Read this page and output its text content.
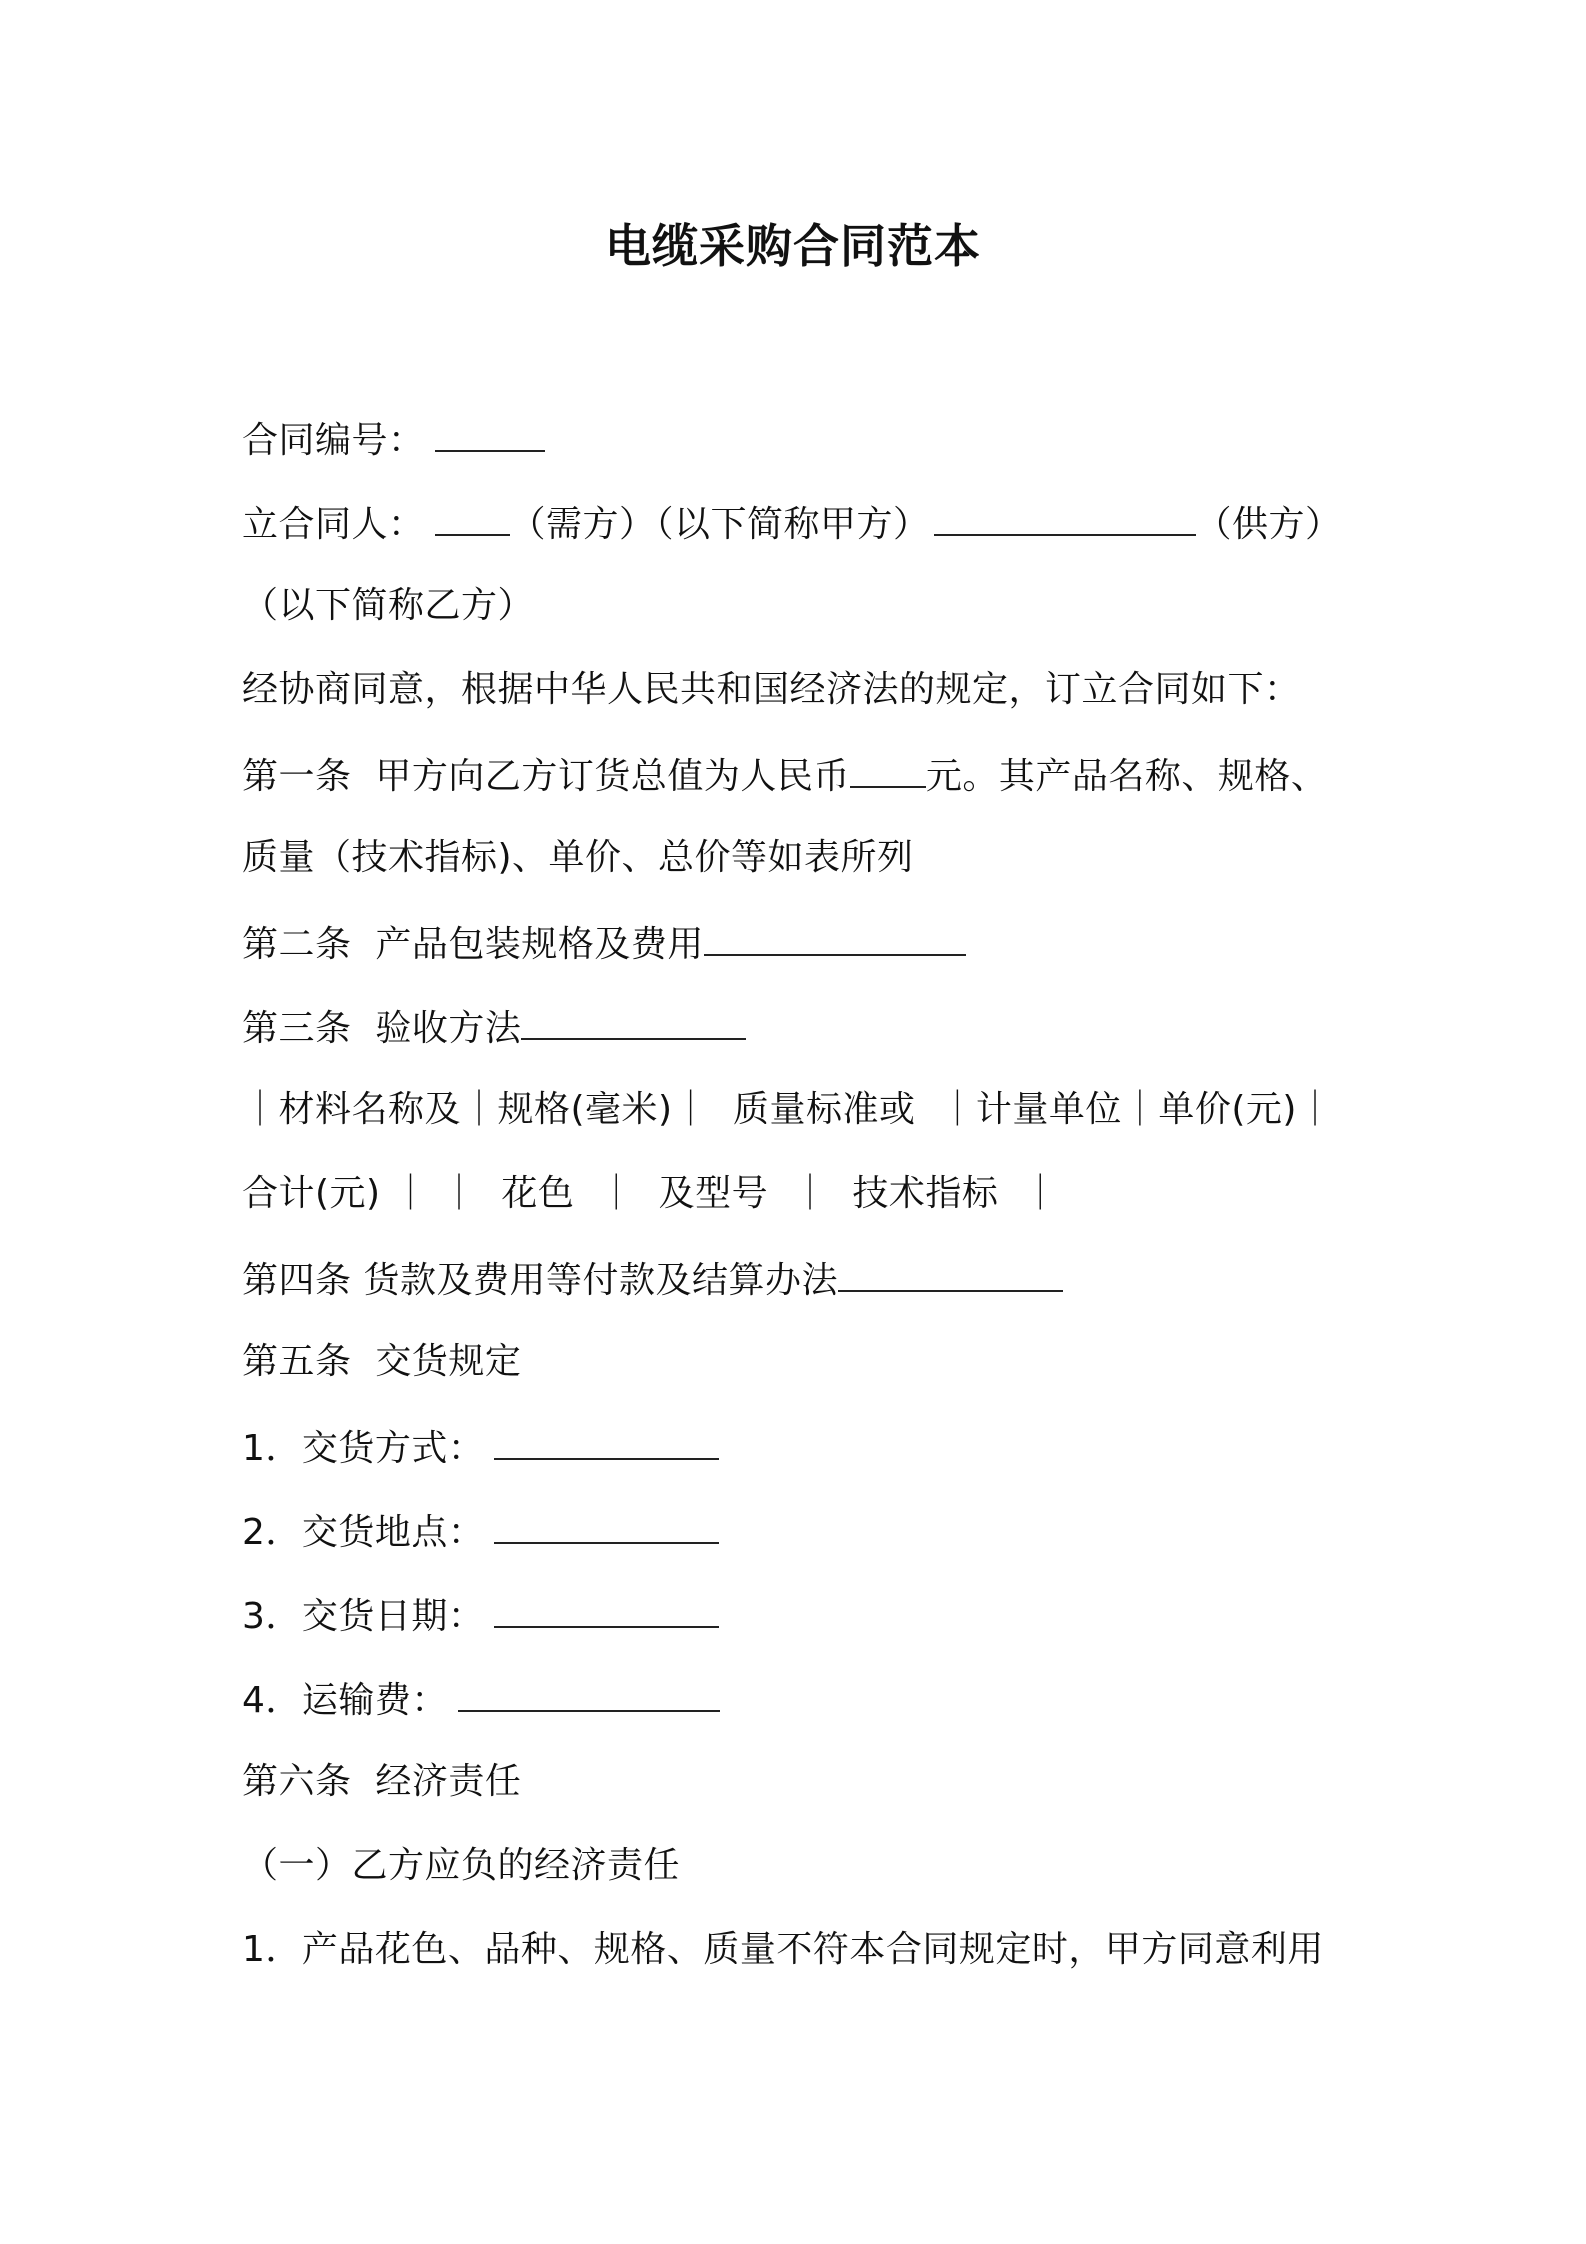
电缆采购合同范本
合同编号：
立合同人： （需方）（以下简称甲方）	（供方）
（以下简称乙方）
经协商同意，根据中华人民共和国经济法的规定，订立合同如下：
第一条  甲方向乙方订货总值为人民币 元。其产品名称、规格、
质量（技术指标)、单价、总价等如表所列
第二条  产品包装规格及费用
第三条  验收方法
｜材料名称及｜规格(毫米)｜  质量标准或  ｜计量单位｜单价(元)｜
合计(元) ｜ ｜  花色  ｜  及型号  ｜  技术指标  ｜
第四条 货款及费用等付款及结算办法
第五条  交货规定
1．交货方式：
2．交货地点：
3．交货日期：
4．运输费：
第六条  经济责任
（一）乙方应负的经济责任
1．产品花色、品种、规格、质量不符本合同规定时，甲方同意利用
